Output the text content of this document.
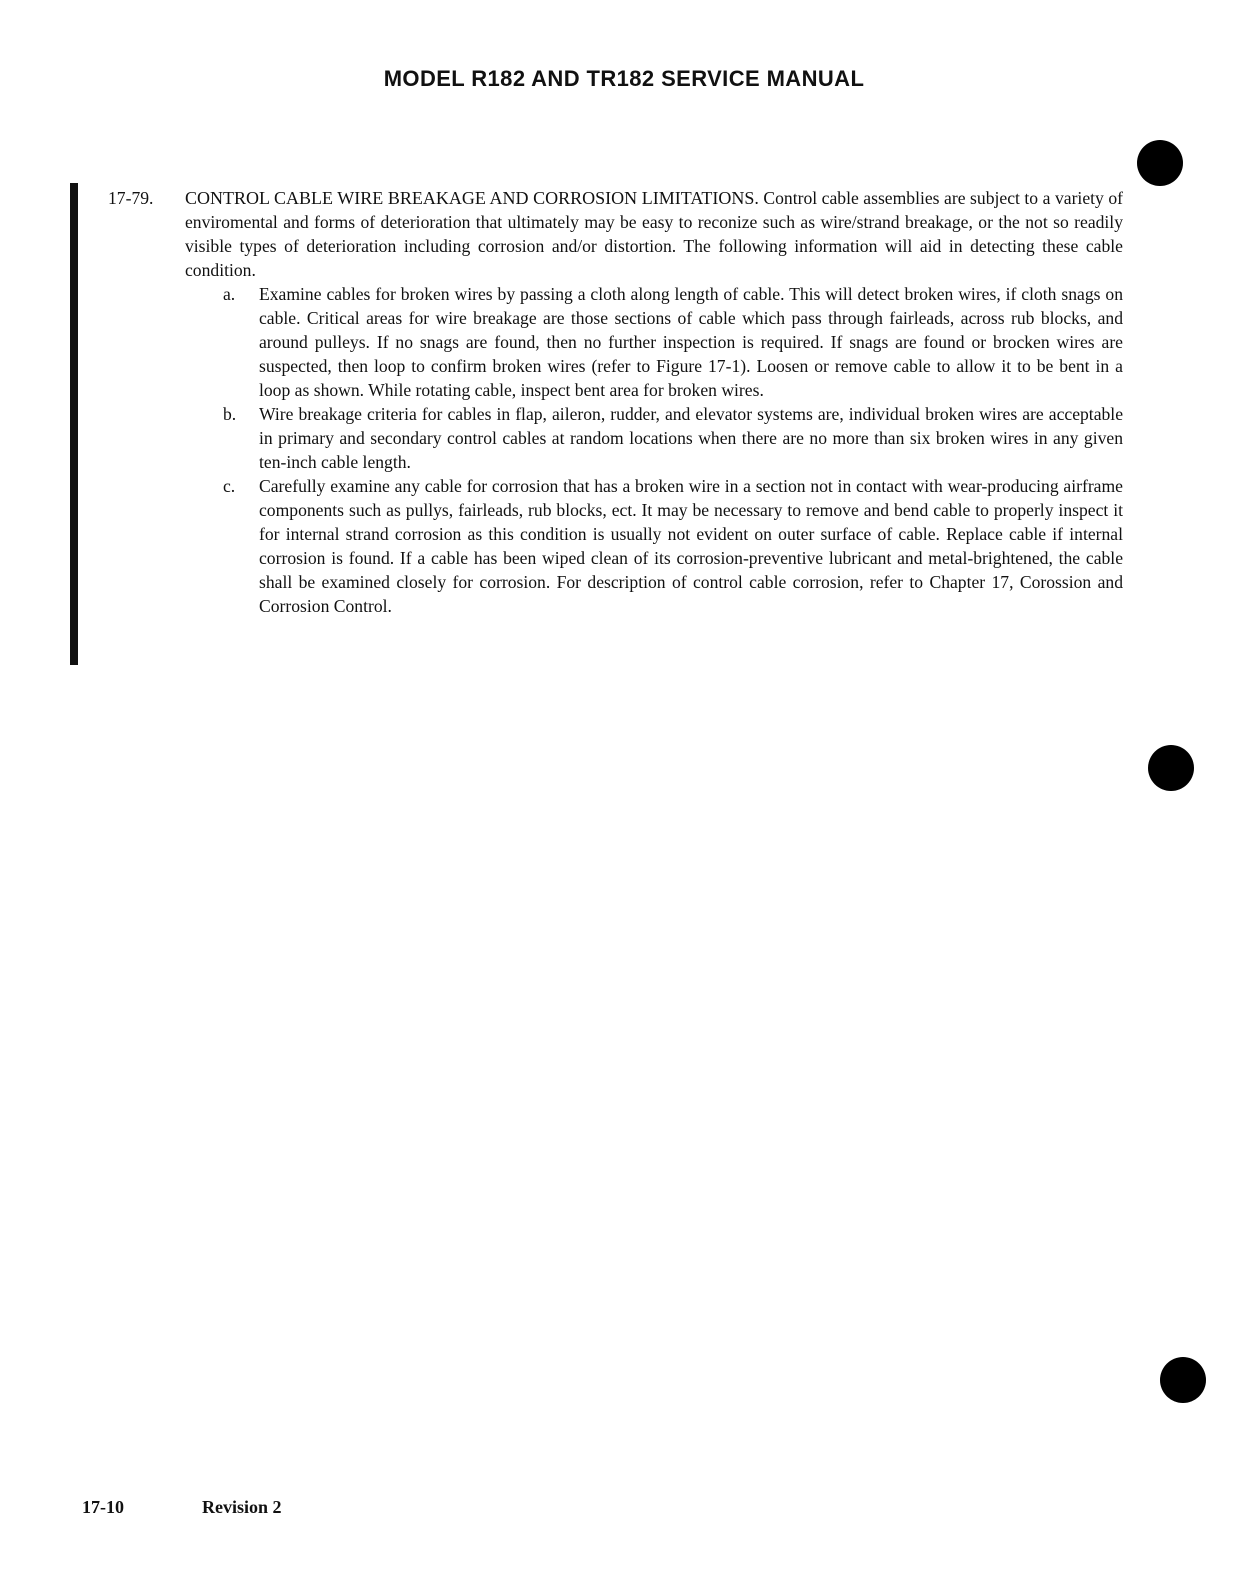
MODEL R182 AND TR182 SERVICE MANUAL
17-79. CONTROL CABLE WIRE BREAKAGE AND CORROSION LIMITATIONS. Control cable assemblies are subject to a variety of enviromental and forms of deterioration that ultimately may be easy to reconize such as wire/strand breakage, or the not so readily visible types of deterioration including corrosion and/or distortion. The following information will aid in detecting these cable condition.
a. Examine cables for broken wires by passing a cloth along length of cable. This will detect broken wires, if cloth snags on cable. Critical areas for wire breakage are those sections of cable which pass through fairleads, across rub blocks, and around pulleys. If no snags are found, then no further inspection is required. If snags are found or brocken wires are suspected, then loop to confirm broken wires (refer to Figure 17-1). Loosen or remove cable to allow it to be bent in a loop as shown. While rotating cable, inspect bent area for broken wires.
b. Wire breakage criteria for cables in flap, aileron, rudder, and elevator systems are, individual broken wires are acceptable in primary and secondary control cables at random locations when there are no more than six broken wires in any given ten-inch cable length.
c. Carefully examine any cable for corrosion that has a broken wire in a section not in contact with wear-producing airframe components such as pullys, fairleads, rub blocks, ect. It may be necessary to remove and bend cable to properly inspect it for internal strand corrosion as this condition is usually not evident on outer surface of cable. Replace cable if internal corrosion is found. If a cable has been wiped clean of its corrosion-preventive lubricant and metal-brightened, the cable shall be examined closely for corrosion. For description of control cable corrosion, refer to Chapter 17, Corossion and Corrosion Control.
17-10	Revision 2
